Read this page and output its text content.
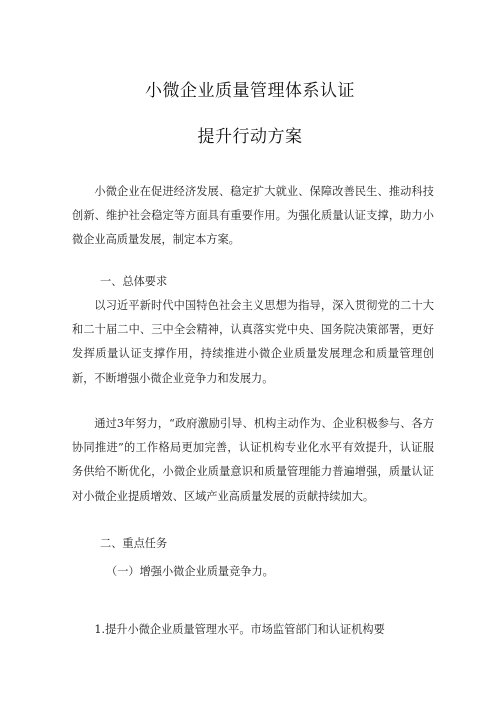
小微企业质量管理体系认证
提升行动方案

小微企业在促进经济发展、稳定扩大就业、保障改善民生、推动科技创新、维护社会稳定等方面具有重要作用。为强化质量认证支撑，助力小微企业高质量发展，制定本方案。

一、总体要求

以习近平新时代中国特色社会主义思想为指导，深入贯彻党的二十大和二十届二中、三中全会精神，认真落实党中央、国务院决策部署，更好发挥质量认证支撑作用，持续推进小微企业质量发展理念和质量管理创新，不断增强小微企业竞争力和发展力。

通过3年努力，“政府激励引导、机构主动作为、企业积极参与、各方协同推进”的工作格局更加完善，认证机构专业化水平有效提升，认证服务供给不断优化，小微企业质量意识和质量管理能力普遍增强，质量认证对小微企业提质增效、区域产业高质量发展的贡献持续加大。

二、重点任务

（一）增强小微企业质量竞争力。

1.提升小微企业质量管理水平。市场监管部门和认证机构要
